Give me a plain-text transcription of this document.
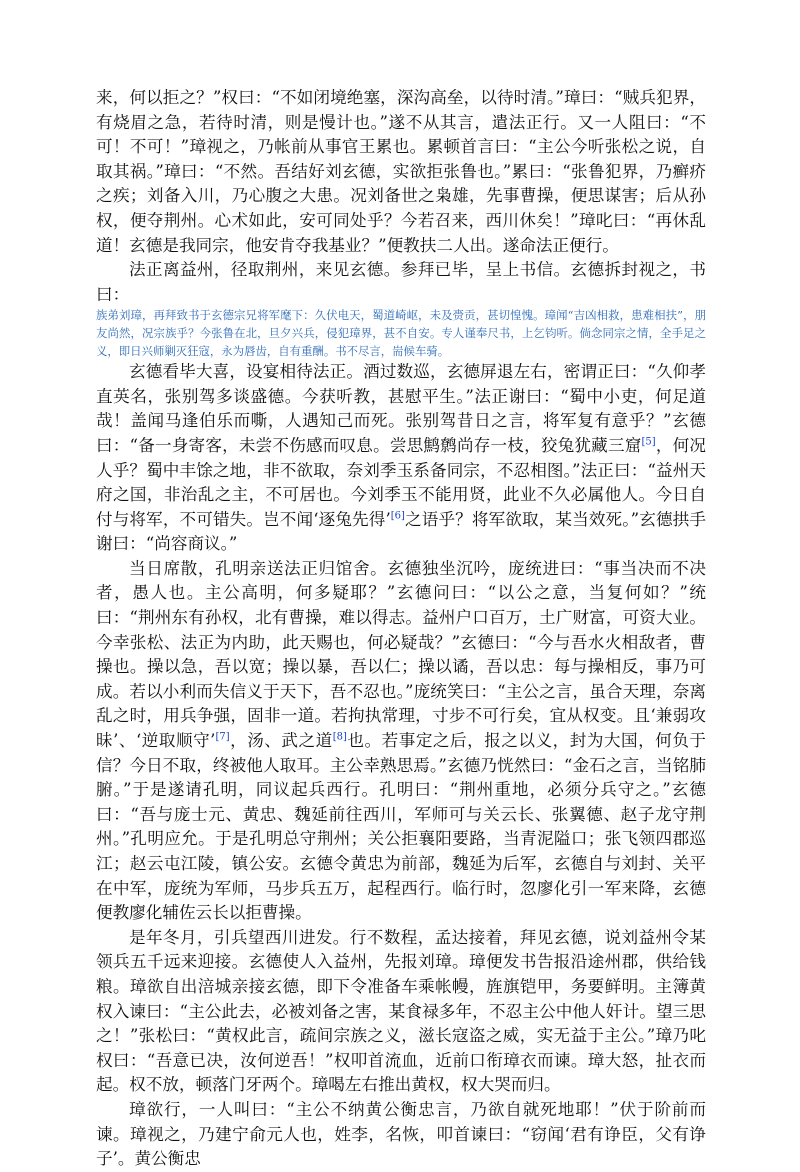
来，何以拒之？”权曰：“不如闭境绝塞，深沟高垒，以待时清。”璋曰：“贼兵犯界，有烧眉之急，若待时清，则是慢计也。”遂不从其言，遣法正行。又一人阻曰：“不可！不可！”璋视之，乃帐前从事官王累也。累顿首言曰：“主公今听张松之说，自取其祸。”璋曰：“不然。吾结好刘玄德，实欲拒张鲁也。”累曰：“张鲁犯界，乃癣疥之疾；刘备入川，乃心腹之大患。况刘备世之枭雄，先事曹操，便思谋害；后从孙权，便夺荆州。心术如此，安可同处乎？今若召来，西川休矣！”璋叱曰：“再休乱道！玄德是我同宗，他安肯夺我基业？”便教扶二人出。遂命法正便行。

法正离益州，径取荆州，来见玄德。参拜已毕，呈上书信。玄德拆封视之，书曰：

族弟刘璋，再拜致书于玄德宗兄将军麾下：久伏电天，蜀道崎岖，未及赍贡，甚切惶愧。璋闻“吉凶相救，患难相扶”，朋友尚然，况宗族乎？今张鲁在北，旦夕兴兵，侵犯璋界，甚不自安。专人谨奉尺书，上乞钧听。倘念同宗之情，全手足之义，即日兴师剿灭狂寇，永为唇齿，自有重酬。书不尽言，耑候车骑。

玄德看毕大喜，设宴相待法正。酒过数巡，玄德屏退左右，密谓正曰：“久仰孝直英名，张别驾多谈盛德。今获听教，甚慰平生。”法正谢曰：“蜀中小吏，何足道哉！盖闻马逢伯乐而嘶，人遇知己而死。张别驾昔日之言，将军复有意乎？”玄德曰：“备一身寄客，未尝不伤感而叹息。尝思鹪鹩尚存一枝，狡兔犹藏三窟[5]，何况人乎？蜀中丰馀之地，非不欲取，奈刘季玉系备同宗，不忍相图。”法正曰：“益州天府之国，非治乱之主，不可居也。今刘季玉不能用贤，此业不久必属他人。今日自付与将军，不可错失。岂不闻‘逐兔先得’[6]之语乎？将军欲取，某当效死。”玄德拱手谢曰：“尚容商议。”

当日席散，孔明亲送法正归馆舍。玄德独坐沉吟，庞统进曰：“事当决而不决者，愚人也。主公高明，何多疑耶？”玄德问曰：“以公之意，当复何如？”统曰：“荆州东有孙权，北有曹操，难以得志。益州户口百万，土广财富，可资大业。今幸张松、法正为内助，此天赐也，何必疑哉？”玄德曰：“今与吾水火相敌者，曹操也。操以急，吾以宽；操以暴，吾以仁；操以谲，吾以忠：每与操相反，事乃可成。若以小利而失信义于天下，吾不忍也。”庞统笑曰：“主公之言，虽合天理，奈离乱之时，用兵争强，固非一道。若拘执常理，寸步不可行矣，宜从权变。且‘兼弱攻昧’、‘逆取顺守’[7]，汤、武之道[8]也。若事定之后，报之以义，封为大国，何负于信？今日不取，终被他人取耳。主公幸熟思焉。”玄德乃恍然曰：“金石之言，当铭肺腑。”于是遂请孔明，同议起兵西行。孔明曰：“荆州重地，必须分兵守之。”玄德曰：“吾与庞士元、黄忠、魏延前往西川，军师可与关云长、张翼德、赵子龙守荆州。”孔明应允。于是孔明总守荆州；关公拒襄阳要路，当青泥隘口；张飞领四郡巡江；赵云屯江陵，镇公安。玄德令黄忠为前部，魏延为后军，玄德自与刘封、关平在中军，庞统为军师，马步兵五万，起程西行。临行时，忽廖化引一军来降，玄德便教廖化辅佐云长以拒曹操。

是年冬月，引兵望西川进发。行不数程，孟达接着，拜见玄德，说刘益州令某领兵五千远来迎接。玄德使人入益州，先报刘璋。璋便发书告报沿途州郡，供给钱粮。璋欲自出涪城亲接玄德，即下令准备车乘帐幔，旌旗铠甲，务要鲜明。主簿黄权入谏曰：“主公此去，必被刘备之害，某食禄多年，不忍主公中他人奸计。望三思之！”张松曰：“黄权此言，疏间宗族之义，滋长寇盗之威，实无益于主公。”璋乃叱权曰：“吾意已决，汝何逆吾！”权叩首流血，近前口衔璋衣而谏。璋大怒，扯衣而起。权不放，顿落门牙两个。璋喝左右推出黄权，权大哭而归。

璋欲行，一人叫曰：“主公不纳黄公衡忠言，乃欲自就死地耶！”伏于阶前而谏。璋视之，乃建宁俞元人也，姓李，名恢，叩首谏曰：“窃闻‘君有诤臣，父有诤子’。黄公衡忠
